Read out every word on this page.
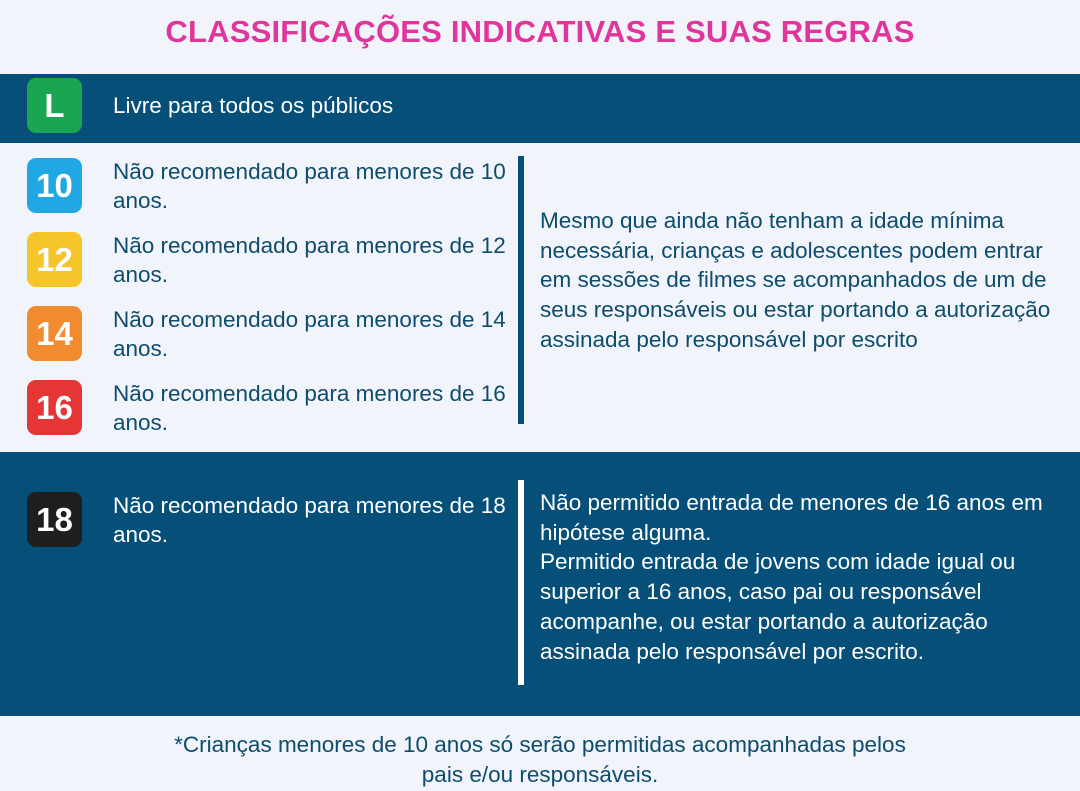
CLASSIFICAÇÕES INDICATIVAS E SUAS REGRAS
L	Livre para todos os públicos
10	Não recomendado para menores de 10 anos.
12	Não recomendado para menores de 12 anos.
14	Não recomendado para menores de 14 anos.
16	Não recomendado para menores de 16 anos.
Mesmo que ainda não tenham a idade mínima necessária, crianças e adolescentes podem entrar em sessões de filmes se acompanhados de um de seus responsáveis ou estar portando a autorização assinada pelo responsável por escrito
18	Não recomendado para menores de 18 anos.
Não permitido entrada de menores de 16 anos em hipótese alguma.
Permitido entrada de jovens com idade igual ou superior a 16 anos, caso pai ou responsável acompanhe, ou estar portando a autorização assinada pelo responsável por escrito.
*Crianças menores de 10 anos só serão permitidas acompanhadas pelos
pais e/ou responsáveis.
